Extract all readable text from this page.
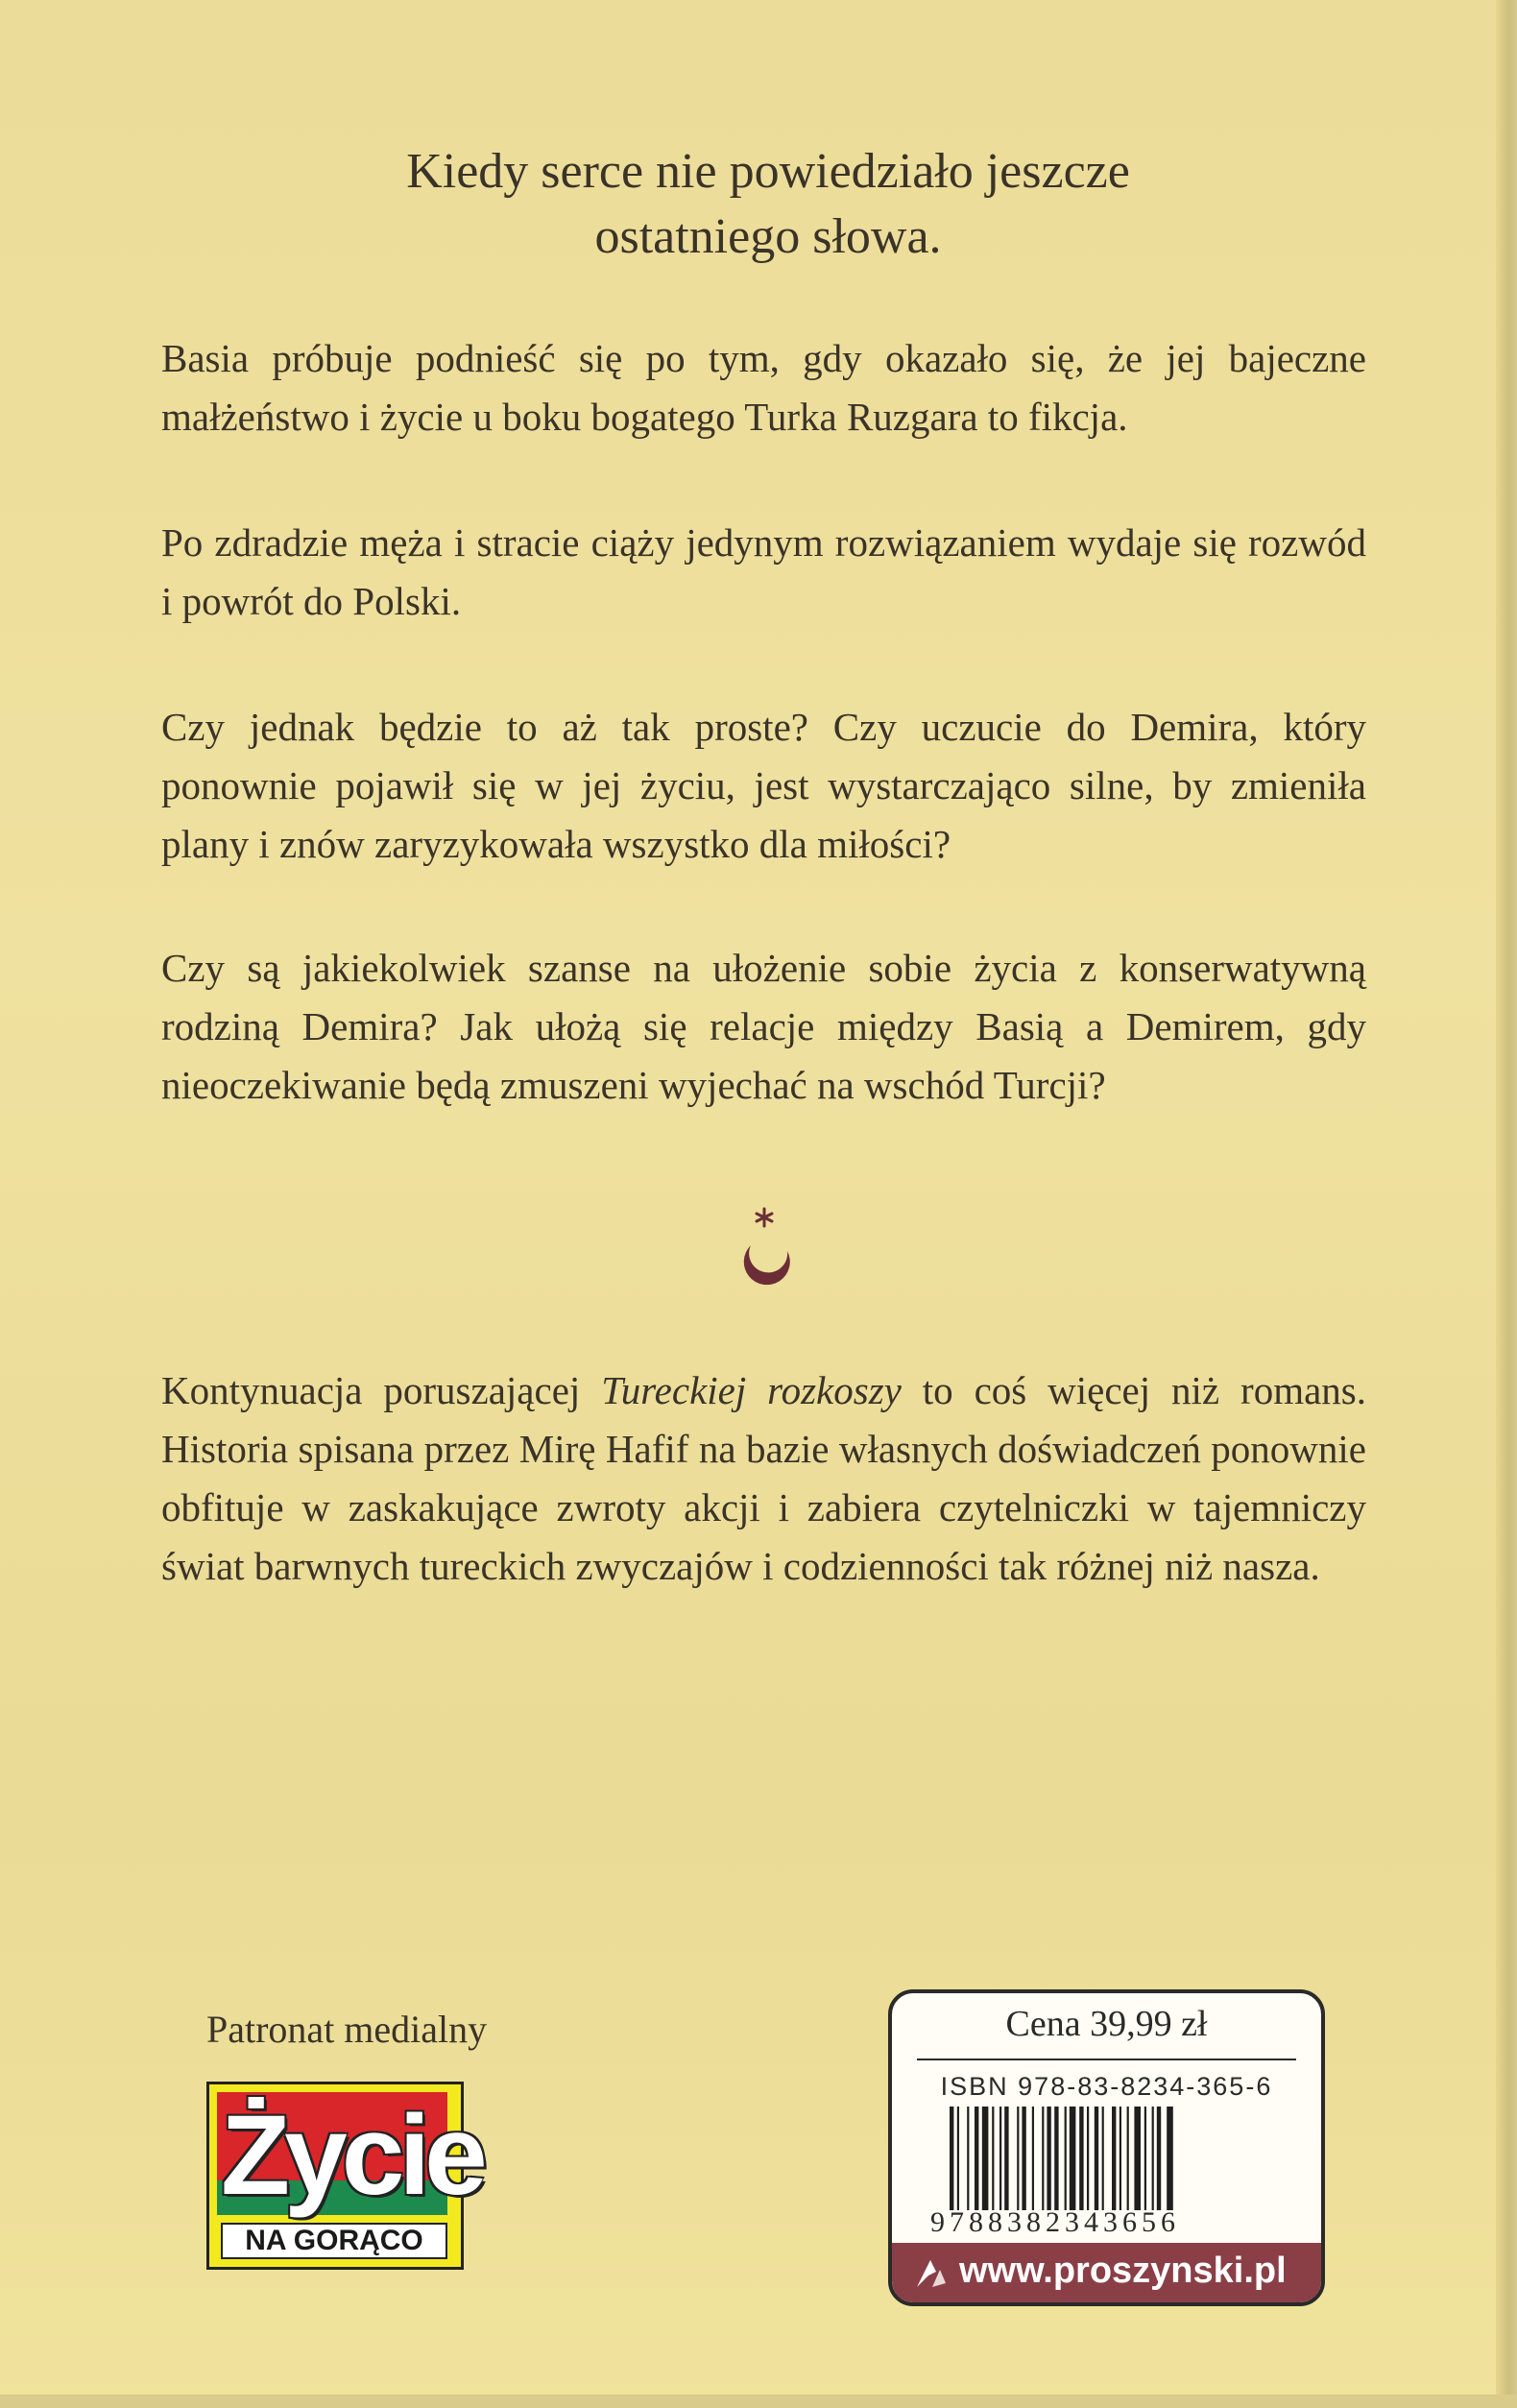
Kiedy serce nie powiedziało jeszcze
ostatniego słowa.

Basia próbuje podnieść się po tym, gdy okazało się, że jej bajeczne małżeństwo i życie u boku bogatego Turka Ruzgara to fikcja.

Po zdradzie męża i stracie ciąży jedynym rozwiązaniem wydaje się rozwód i powrót do Polski.

Czy jednak będzie to aż tak proste? Czy uczucie do Demira, który ponownie pojawił się w jej życiu, jest wystarczająco silne, by zmieniła plany i znów zaryzykowała wszystko dla miłości?

Czy są jakiekolwiek szanse na ułożenie sobie życia z konserwatywną rodziną Demira? Jak ułożą się relacje między Basią a Demirem, gdy nieoczekiwanie będą zmuszeni wyjechać na wschód Turcji?

Kontynuacja poruszającej Tureckiej rozkoszy to coś więcej niż romans. Historia spisana przez Mirę Hafif na bazie własnych doświadczeń ponownie obfituje w zaskakujące zwroty akcji i zabiera czytelniczki w tajemniczy świat barwnych tureckich zwyczajów i codzienności tak różnej niż nasza.

Patronat medialny
Życie
NA GORĄCO
Cena 39,99 zł
ISBN 978-83-8234-365-6
9788382343656
www.proszynski.pl
